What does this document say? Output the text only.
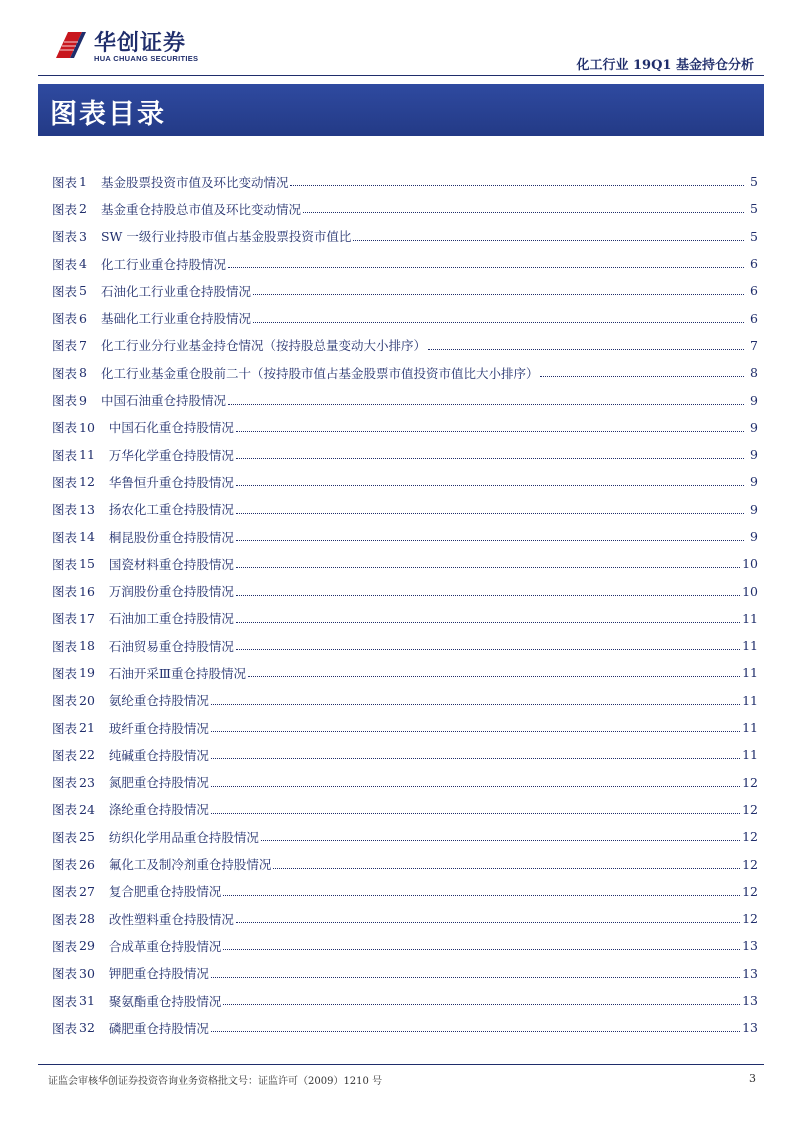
华创证券
HUA CHUANG SECURITIES	化工行业 19Q1 基金持仓分析
图表目录
图表 1 基金股票投资市值及环比变动情况	5
图表 2 基金重仓持股总市值及环比变动情况	5
图表 3 SW 一级行业持股市值占基金股票投资市值比	5
图表 4 化工行业重仓持股情况	6
图表 5 石油化工行业重仓持股情况	6
图表 6 基础化工行业重仓持股情况	6
图表 7 化工行业分行业基金持仓情况（按持股总量变动大小排序）	7
图表 8 化工行业基金重仓股前二十（按持股市值占基金股票市值投资市值比大小排序）	8
图表 9 中国石油重仓持股情况	9
图表 10 中国石化重仓持股情况	9
图表 11 万华化学重仓持股情况	9
图表 12 华鲁恒升重仓持股情况	9
图表 13 扬农化工重仓持股情况	9
图表 14 桐昆股份重仓持股情况	9
图表 15 国瓷材料重仓持股情况	10
图表 16 万润股份重仓持股情况	10
图表 17 石油加工重仓持股情况	11
图表 18 石油贸易重仓持股情况	11
图表 19 石油开采Ⅲ重仓持股情况	11
图表 20 氨纶重仓持股情况	11
图表 21 玻纤重仓持股情况	11
图表 22 纯碱重仓持股情况	11
图表 23 氮肥重仓持股情况	12
图表 24 涤纶重仓持股情况	12
图表 25 纺织化学用品重仓持股情况	12
图表 26 氟化工及制冷剂重仓持股情况	12
图表 27 复合肥重仓持股情况	12
图表 28 改性塑料重仓持股情况	12
图表 29 合成革重仓持股情况	13
图表 30 钾肥重仓持股情况	13
图表 31 聚氨酯重仓持股情况	13
图表 32 磷肥重仓持股情况	13
证监会审核华创证券投资咨询业务资格批文号：证监许可（2009）1210 号	3
